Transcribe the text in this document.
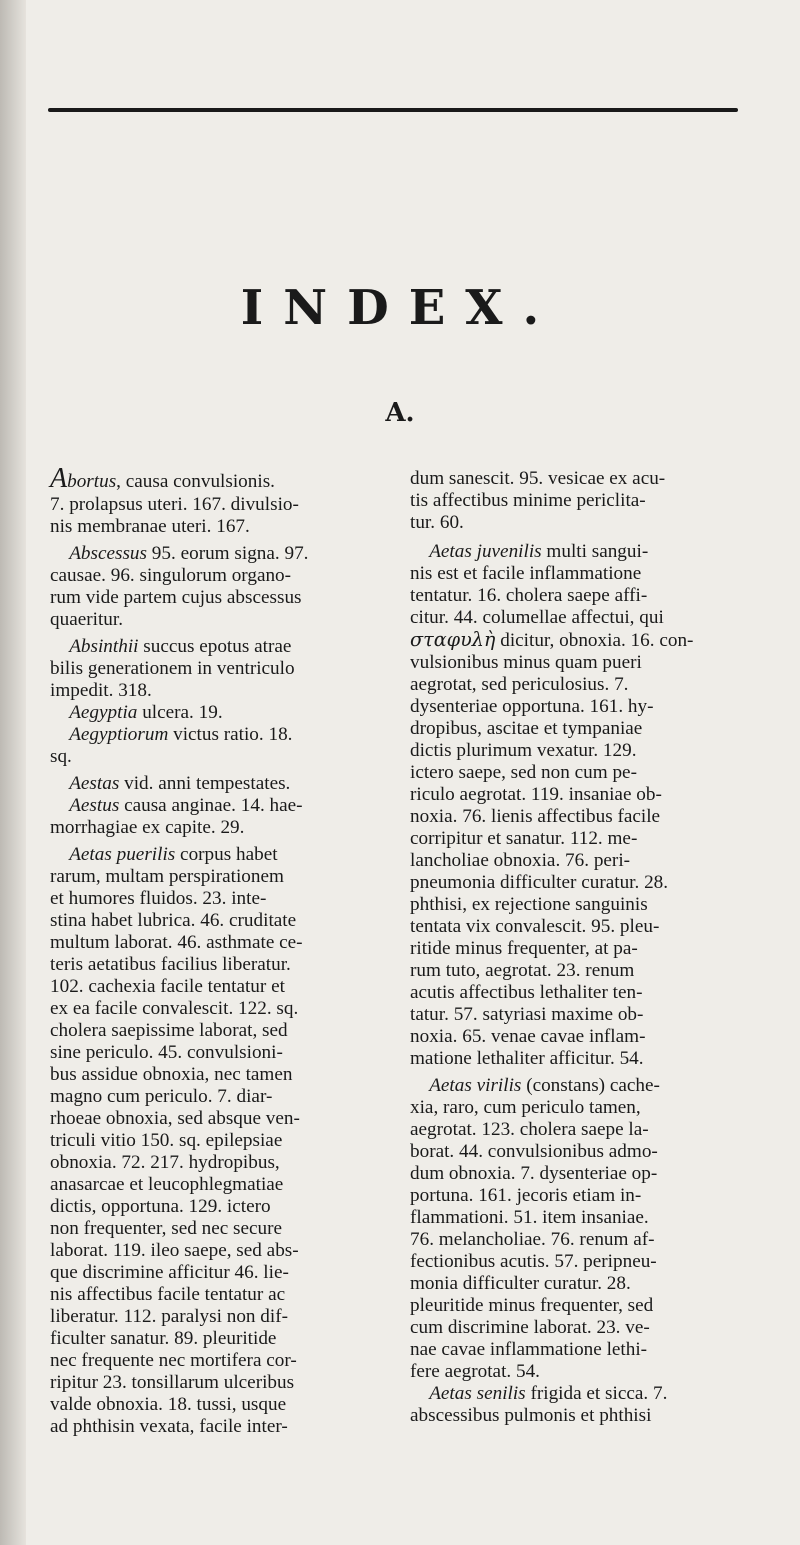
INDEX.
A.
Abortus, causa convulsionis.
7. prolapsus uteri. 167. divulsio-
nis membranae uteri. 167.
 Abscessus 95. eorum signa. 97.
causae. 96. singulorum organo-
rum vide partem cujus abscessus
quaeritur.
 Absinthii succus epotus atrae
bilis generationem in ventriculo
impedit. 318.
 Aegyptia ulcera. 19.
 Aegyptiorum victus ratio. 18.
sq.
 Aestas vid. anni tempestates.
 Aestus causa anginae. 14. hae-
morrhagiae ex capite. 29.
 Aetas puerilis corpus habet
rarum, multam perspirationem
et humores fluidos. 23. inte-
stina habet lubrica. 46. cruditate
multum laborat. 46. asthmate ce-
teris aetatibus facilius liberatur.
102. cachexia facile tentatur et
ex ea facile convalescit. 122. sq.
cholera saepissime laborat, sed
sine periculo. 45. convulsioni-
bus assidue obnoxia, nec tamen
magno cum periculo. 7. diar-
rhoeae obnoxia, sed absque ven-
triculi vitio 150. sq. epilepsiae
obnoxia. 72. 217. hydropibus,
anasarcae et leucophlegmatiae
dictis, opportuna. 129. ictero
non frequenter, sed nec secure
laborat. 119. ileo saepe, sed abs-
que discrimine afficitur 46. lie-
nis affectibus facile tentatur ac
liberatur. 112. paralysi non dif-
ficulter sanatur. 89. pleuritide
nec frequente nec mortifera cor-
ripitur 23. tonsillarum ulceribus
valde obnoxia. 18. tussi, usque
ad phthisin vexata, facile inter-
dum sanescit. 95. vesicae ex acu-
tis affectibus minime periclita-
tur. 60.
 Aetas juvenilis multi sangui-
nis est et facile inflammatione
tentatur. 16. cholera saepe affi-
citur. 44. columellae affectui, qui
σταφυλὴ dicitur, obnoxia. 16. con-
vulsionibus minus quam pueri
aegrotat, sed periculosius. 7.
dysenteriae opportuna. 161. hy-
dropibus, ascitae et tympaniae
dictis plurimum vexatur. 129.
ictero saepe, sed non cum pe-
riculo aegrotat. 119. insaniae ob-
noxia. 76. lienis affectibus facile
corripitur et sanatur. 112. me-
lancholiae obnoxia. 76. peri-
pneumonia difficulter curatur. 28.
phthisi, ex rejectione sanguinis
tentata vix convalescit. 95. pleu-
ritide minus frequenter, at pa-
rum tuto, aegrotat. 23. renum
acutis affectibus lethaliter ten-
tatur. 57. satyriasi maxime ob-
noxia. 65. venae cavae inflam-
matione lethaliter afficitur. 54.
 Aetas virilis (constans) cache-
xia, raro, cum periculo tamen,
aegrotat. 123. cholera saepe la-
borat. 44. convulsionibus admo-
dum obnoxia. 7. dysenteriae op-
portuna. 161. jecoris etiam in-
flammationi. 51. item insaniae.
76. melancholiae. 76. renum af-
fectionibus acutis. 57. peripneu-
monia difficulter curatur. 28.
pleuritide minus frequenter, sed
cum discrimine laborat. 23. ve-
nae cavae inflammatione lethi-
fere aegrotat. 54.
 Aetas senilis frigida et sicca. 7.
abscessibus pulmonis et phthisi
